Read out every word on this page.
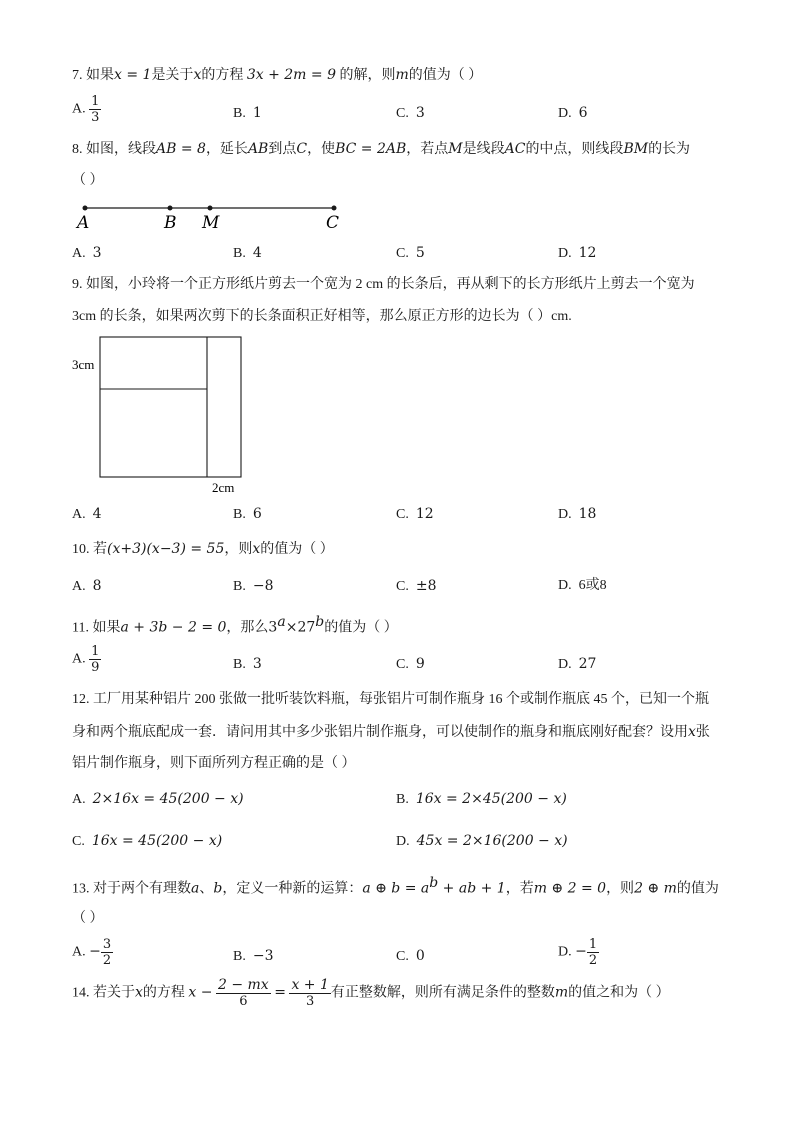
7. 如果x = 1是关于x的方程 3x + 2m = 9 的解，则m的值为（ ）
A. $\frac{1}{3}$	B. 1	C. 3	D. 6
8. 如图，线段AB = 8，延长AB到点C，使BC = 2AB，若点M是线段AC的中点，则线段BM的长为
（ ）
A	B M	C
A. 3	B. 4	C. 5	D. 12
9. 如图，小玲将一个正方形纸片剪去一个宽为 2 cm 的长条后，再从剩下的长方形纸片上剪去一个宽为
3cm 的长条，如果两次剪下的长条面积正好相等，那么原正方形的边长为（ ）cm.
3cm
2cm
A. 4	B. 6	C. 12	D. 18
10. 若(x+3)(x−3) = 55，则x的值为（ ）
A. 8	B. −8	C. ±8	D. 6或8
11. 如果a + 3b − 2 = 0，那么$3^a\times 27^b$的值为（ ）
A. $\frac{1}{9}$	B. 3	C. 9	D. 27
12. 工厂用某种铝片 200 张做一批听装饮料瓶，每张铝片可制作瓶身 16 个或制作瓶底 45 个，已知一个瓶
身和两个瓶底配成一套．请问用其中多少张铝片制作瓶身，可以使制作的瓶身和瓶底刚好配套？设用x张
铝片制作瓶身，则下面所列方程正确的是（ ）
A. 2×16x = 45(200 − x)	B. 16x = 2×45(200 − x)
C. 16x = 45(200 − x)	D. 45x = 2×16(200 − x)
13. 对于两个有理数a、b，定义一种新的运算：a ⊕ $b = a^b$ + ab + 1，若m ⊕ 2 = 0，则2 ⊕ m的值为
（ ）
A. − $\frac{3}{2}$	B. −3	C. 0	D. − $\frac{1}{2}$
14. 若关于x的方程 $x - \frac{2 - mx}{6} = \frac{x + 1}{3}$ 有正整数解，则所有满足条件的整数m的值之和为（ ）
